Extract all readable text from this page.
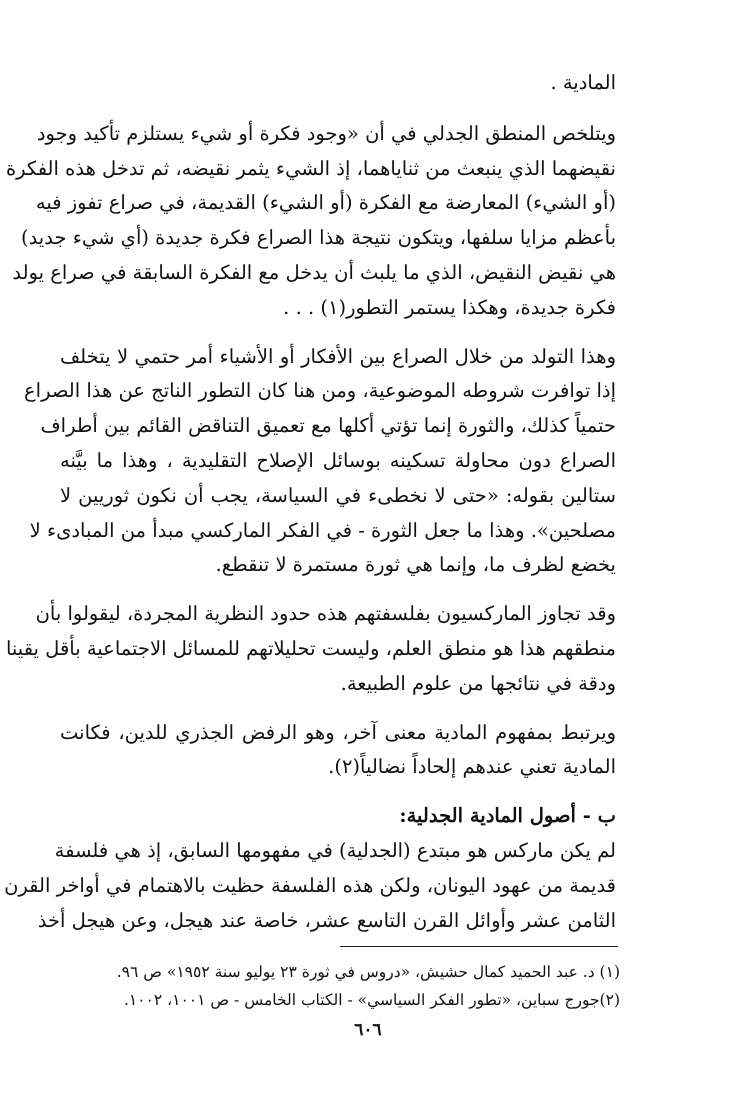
المادية .
ويتلخص المنطق الجدلي في أن «وجود فكرة أو شيء يستلزم تأكيد وجود
نقيضهما الذي ينبعث من ثناياهما، إذ الشيء يثمر نقيضه، ثم تدخل هذه الفكرة
(أو الشيء) المعارضة مع الفكرة (أو الشيء) القديمة، في صراع تفوز فيه
بأعظم مزايا سلفها، ويتكون نتيجة هذا الصراع فكرة جديدة (أي شيء جديد)
هي نقيض النقيض، الذي ما يلبث أن يدخل مع الفكرة السابقة في صراع يولد
فكرة جديدة، وهكذا يستمر التطور(١) . . .
وهذا التولد من خلال الصراع بين الأفكار أو الأشياء أمر حتمي لا يتخلف
إذا توافرت شروطه الموضوعية، ومن هنا كان التطور الناتج عن هذا الصراع
حتمياً كذلك، والثورة إنما تؤتي أكلها مع تعميق التناقض القائم بين أطراف
الصراع دون محاولة تسكينه بوسائل الإصلاح التقليدية ، وهذا ما بيَّنه
ستالين بقوله: «حتى لا نخطىء في السياسة، يجب أن نكون ثوريين لا
مصلحين». وهذا ما جعل الثورة - في الفكر الماركسي مبدأ من المبادىء لا
يخضع لظرف ما، وإنما هي ثورة مستمرة لا تنقطع.
وقد تجاوز الماركسيون بفلسفتهم هذه حدود النظرية المجردة، ليقولوا بأن
منطقهم هذا هو منطق العلم، وليست تحليلاتهم للمسائل الاجتماعية بأقل يقينا
ودقة في نتائجها من علوم الطبيعة.
ويرتبط بمفهوم المادية معنى آخر، وهو الرفض الجذري للدين، فكانت
المادية تعني عندهم إلحاداً نضالياً(٢).
ب - أصول المادية الجدلية:
لم يكن ماركس هو مبتدع (الجدلية) في مفهومها السابق، إذ هي فلسفة
قديمة من عهود اليونان، ولكن هذه الفلسفة حظيت بالاهتمام في أواخر القرن
الثامن عشر وأوائل القرن التاسع عشر، خاصة عند هيجل، وعن هيجل أخذ
(١) د. عبد الحميد كمال حشيش، «دروس في ثورة ٢٣ يوليو سنة ١٩٥٢» ص ٩٦.
(٢)جورج سباين، «تطور الفكر السياسي» - الكتاب الخامس - ص ١٠٠١، ١٠٠٢.
٦٠٦
